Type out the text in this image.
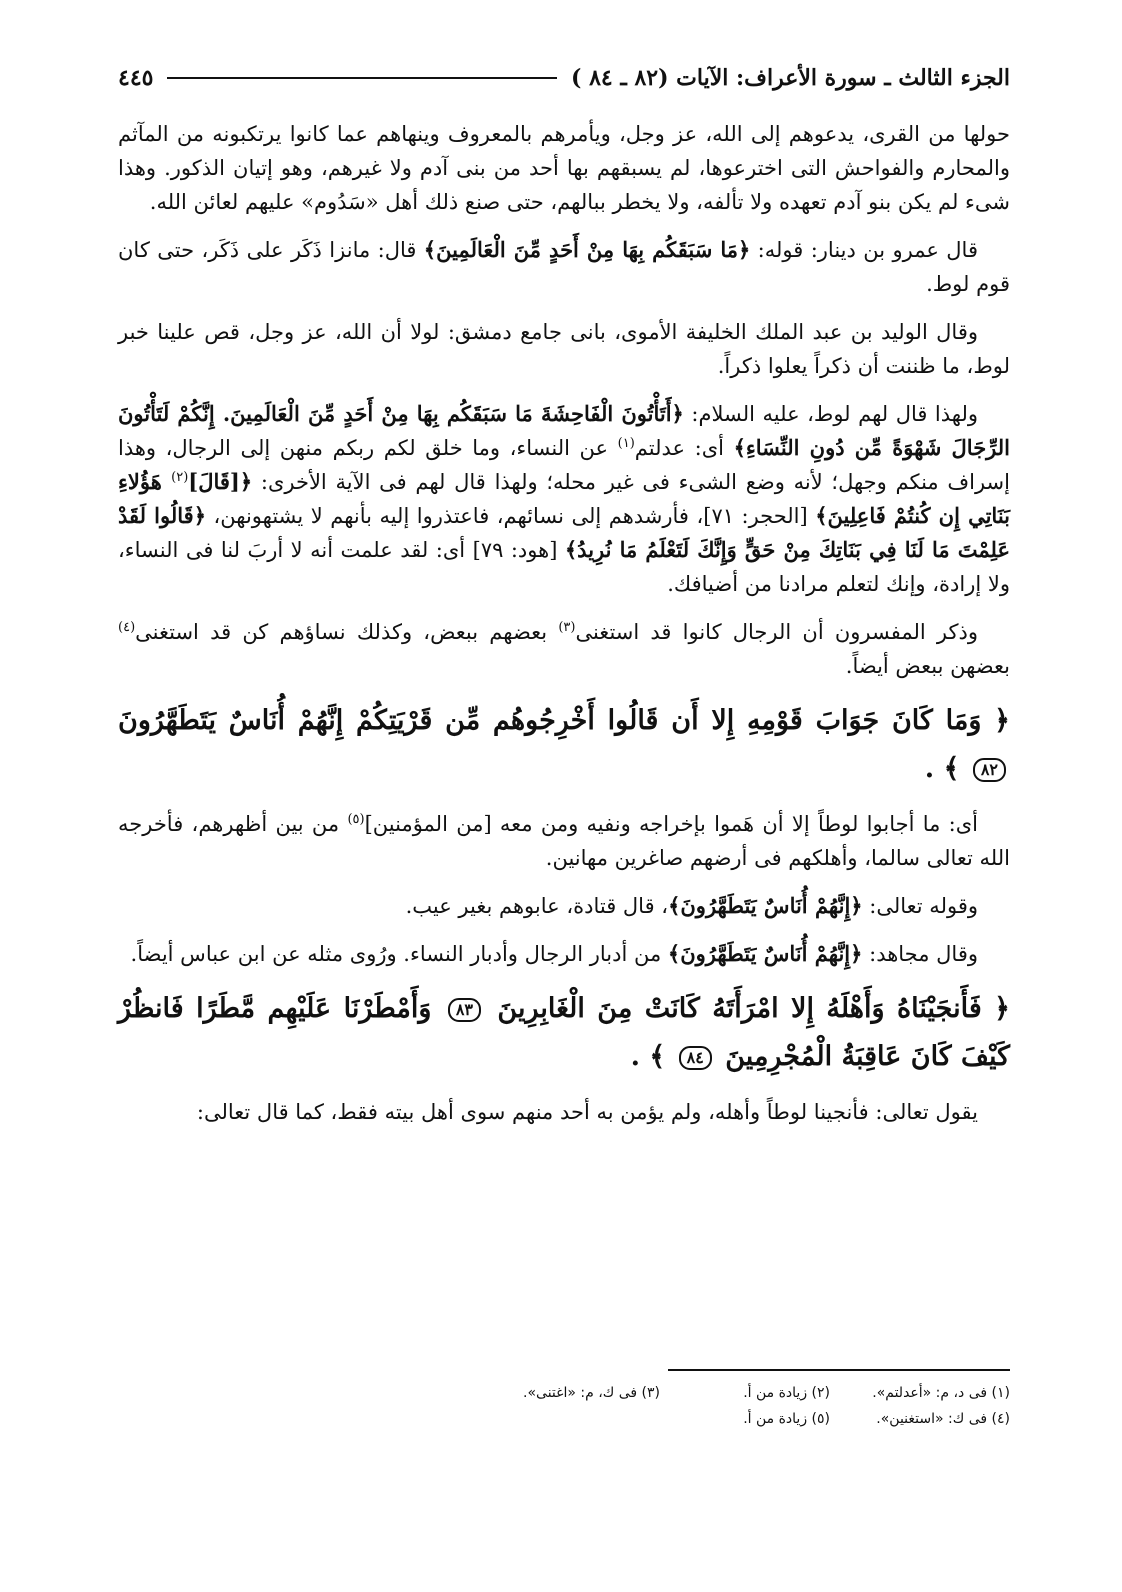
الجزء الثالث ـ سورة الأعراف: الآيات (٨٢ ـ ٨٤ )
٤٤٥

حولها من القرى، يدعوهم إلى الله، عز وجل، ويأمرهم بالمعروف وينهاهم عما كانوا يرتكبونه من المآثم والمحارم والفواحش التى اخترعوها، لم يسبقهم بها أحد من بنى آدم ولا غيرهم، وهو إتيان الذكور. وهذا شىء لم يكن بنو آدم تعهده ولا تألفه، ولا يخطر ببالهم، حتى صنع ذلك أهل «سَدُوم» عليهم لعائن الله.

قال عمرو بن دينار: قوله: ﴿مَا سَبَقَكُم بِهَا مِنْ أَحَدٍ مِّنَ الْعَالَمِينَ﴾ قال: مانزا ذَكَر على ذَكَر، حتى كان قوم لوط.

وقال الوليد بن عبد الملك الخليفة الأموى، بانى جامع دمشق: لولا أن الله، عز وجل، قص علينا خبر لوط، ما ظننت أن ذكراً يعلوا ذكراً.

ولهذا قال لهم لوط، عليه السلام: ﴿أَتَأْتُونَ الْفَاحِشَةَ مَا سَبَقَكُم بِهَا مِنْ أَحَدٍ مِّنَ الْعَالَمِينَ. إِنَّكُمْ لَتَأْتُونَ الرِّجَالَ شَهْوَةً مِّن دُونِ النِّسَاءِ﴾ أى: عدلتم$^{(١)}$ عن النساء، وما خلق لكم ربكم منهن إلى الرجال، وهذا إسراف منكم وجهل؛ لأنه وضع الشىء فى غير محله؛ ولهذا قال لهم فى الآية الأخرى: ﴿[قَالَ]$^{(٢)}$ هَؤُلاءِ بَنَاتِي إِن كُنتُمْ فَاعِلِينَ﴾ [الحجر: ٧١]، فأرشدهم إلى نسائهم، فاعتذروا إليه بأنهم لا يشتهونهن، ﴿قَالُوا لَقَدْ عَلِمْتَ مَا لَنَا فِي بَنَاتِكَ مِنْ حَقٍّ وَإِنَّكَ لَتَعْلَمُ مَا نُرِيدُ﴾ [هود: ٧٩] أى: لقد علمت أنه لا أربَ لنا فى النساء، ولا إرادة، وإنك لتعلم مرادنا من أضيافك.

وذكر المفسرون أن الرجال كانوا قد استغنى$^{(٣)}$ بعضهم ببعض، وكذلك نساؤهم كن قد استغنى$^{(٤)}$ بعضهن ببعض أيضاً.

﴿ وَمَا كَانَ جَوَابَ قَوْمِهِ إِلا أَن قَالُوا أَخْرِجُوهُم مِّن قَرْيَتِكُمْ إِنَّهُمْ أُنَاسٌ يَتَطَهَّرُونَ ٨٢ ﴾ .

أى: ما أجابوا لوطاً إلا أن هَموا بإخراجه ونفيه ومن معه [من المؤمنين]$^{(٥)}$ من بين أظهرهم، فأخرجه الله تعالى سالما، وأهلكهم فى أرضهم صاغرين مهانين.

وقوله تعالى: ﴿إِنَّهُمْ أُنَاسٌ يَتَطَهَّرُونَ﴾، قال قتادة، عابوهم بغير عيب.

وقال مجاهد: ﴿إِنَّهُمْ أُنَاسٌ يَتَطَهَّرُونَ﴾ من أدبار الرجال وأدبار النساء. ورُوى مثله عن ابن عباس أيضاً.

﴿ فَأَنجَيْنَاهُ وَأَهْلَهُ إِلا امْرَأَتَهُ كَانَتْ مِنَ الْغَابِرِينَ ٨٣ وَأَمْطَرْنَا عَلَيْهِم مَّطَرًا فَانظُرْ كَيْفَ كَانَ عَاقِبَةُ الْمُجْرِمِينَ ٨٤ ﴾ .

يقول تعالى: فأنجينا لوطاً وأهله، ولم يؤمن به أحد منهم سوى أهل بيته فقط، كما قال تعالى:

(١) فى د، م: «أعدلتم».
(٢) زيادة من أ.
(٣) فى ك، م: «اغتنى».
(٤) فى ك: «استغنين».
(٥) زيادة من أ.
